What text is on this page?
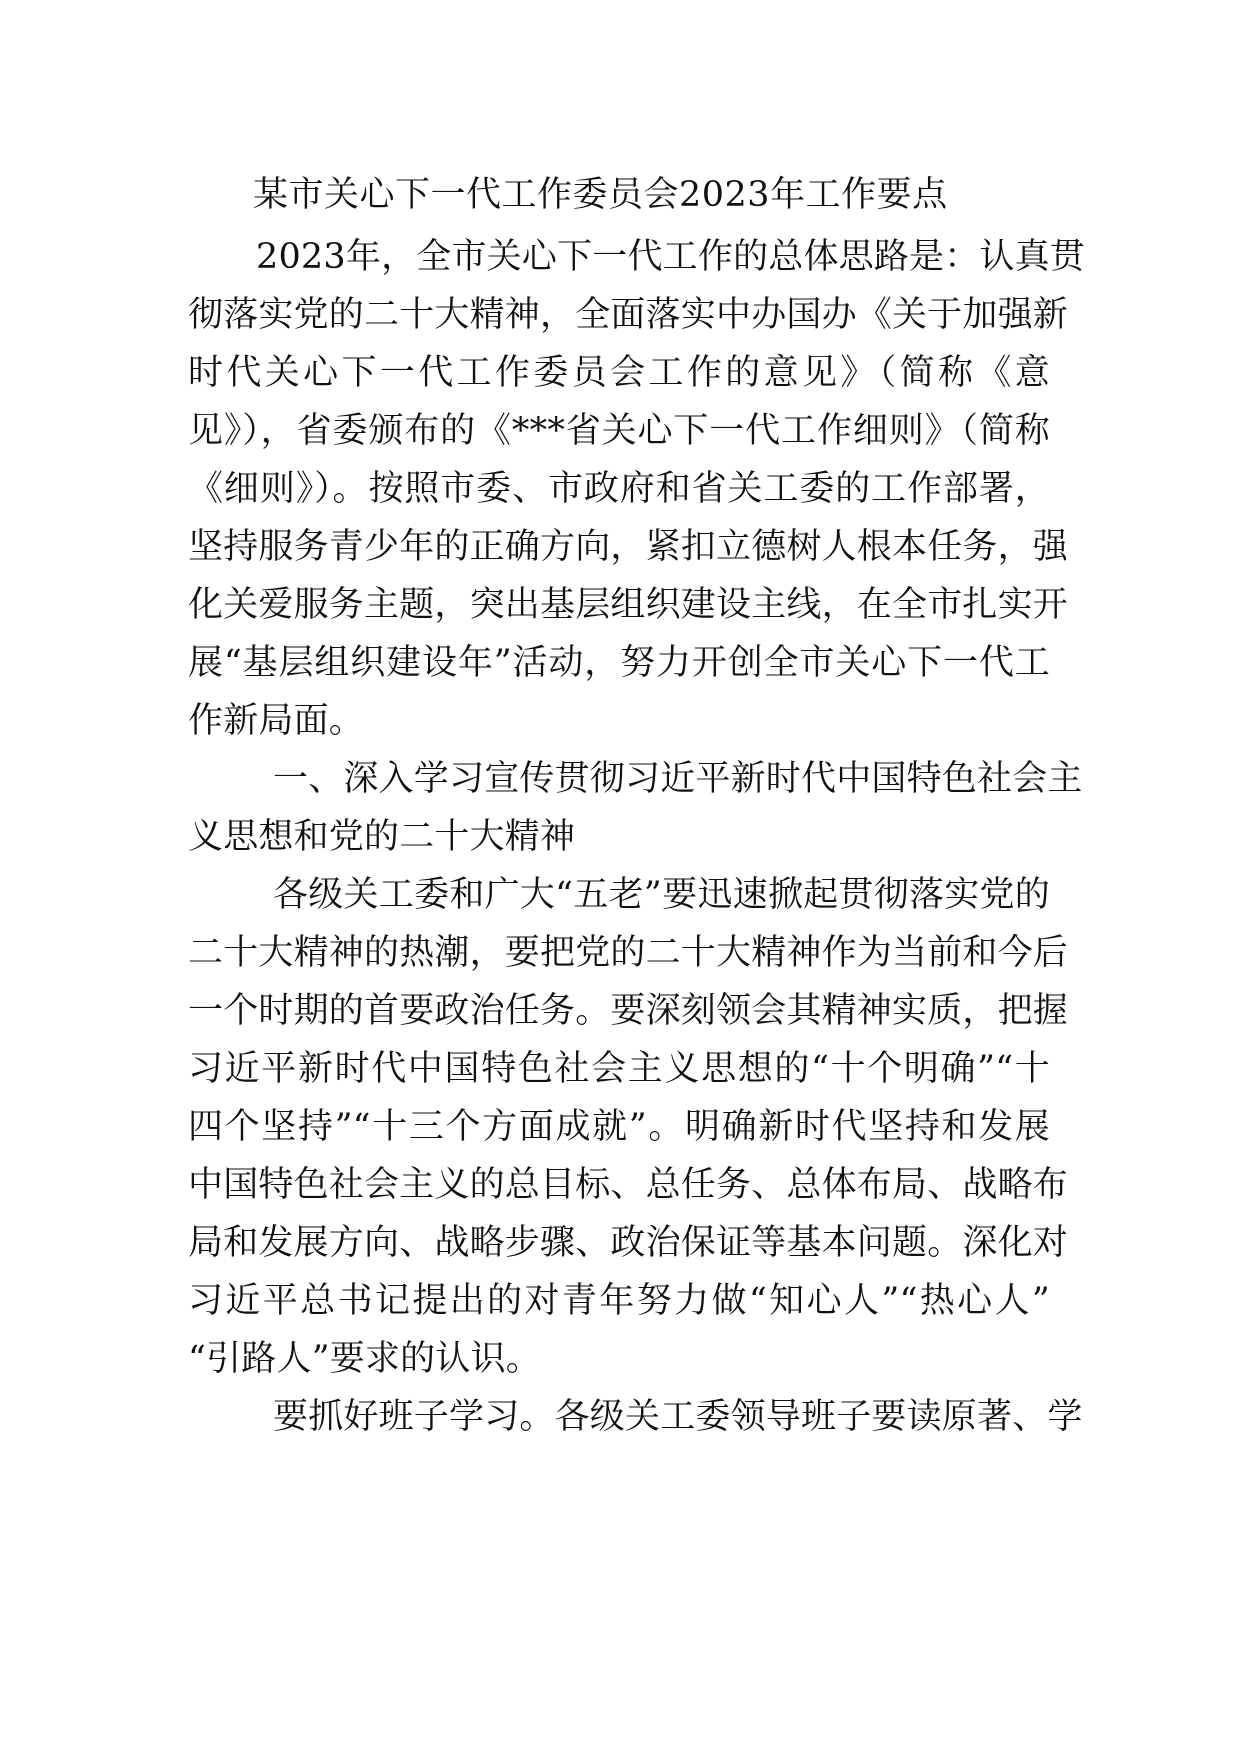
某市关心下一代工作委员会2023年工作要点

2023年，全市关心下一代工作的总体思路是：认真贯

彻落实党的二十大精神，全面落实中办国办《关于加强新

时代关心下一代工作委员会工作的意见》（简称《意

见》），省委颁布的《***省关心下一代工作细则》（简称

《细则》）。按照市委、市政府和省关工委的工作部署，

坚持服务青少年的正确方向，紧扣立德树人根本任务，强

化关爱服务主题，突出基层组织建设主线，在全市扎实开

展“基层组织建设年”活动，努力开创全市关心下一代工

作新局面。

一、深入学习宣传贯彻习近平新时代中国特色社会主

义思想和党的二十大精神

各级关工委和广大“五老”要迅速掀起贯彻落实党的

二十大精神的热潮，要把党的二十大精神作为当前和今后

一个时期的首要政治任务。要深刻领会其精神实质，把握

习近平新时代中国特色社会主义思想的“十个明确”“十

四个坚持”“十三个方面成就”。明确新时代坚持和发展

中国特色社会主义的总目标、总任务、总体布局、战略布

局和发展方向、战略步骤、政治保证等基本问题。深化对

习近平总书记提出的对青年努力做“知心人”“热心人”

“引路人”要求的认识。

要抓好班子学习。各级关工委领导班子要读原著、学
